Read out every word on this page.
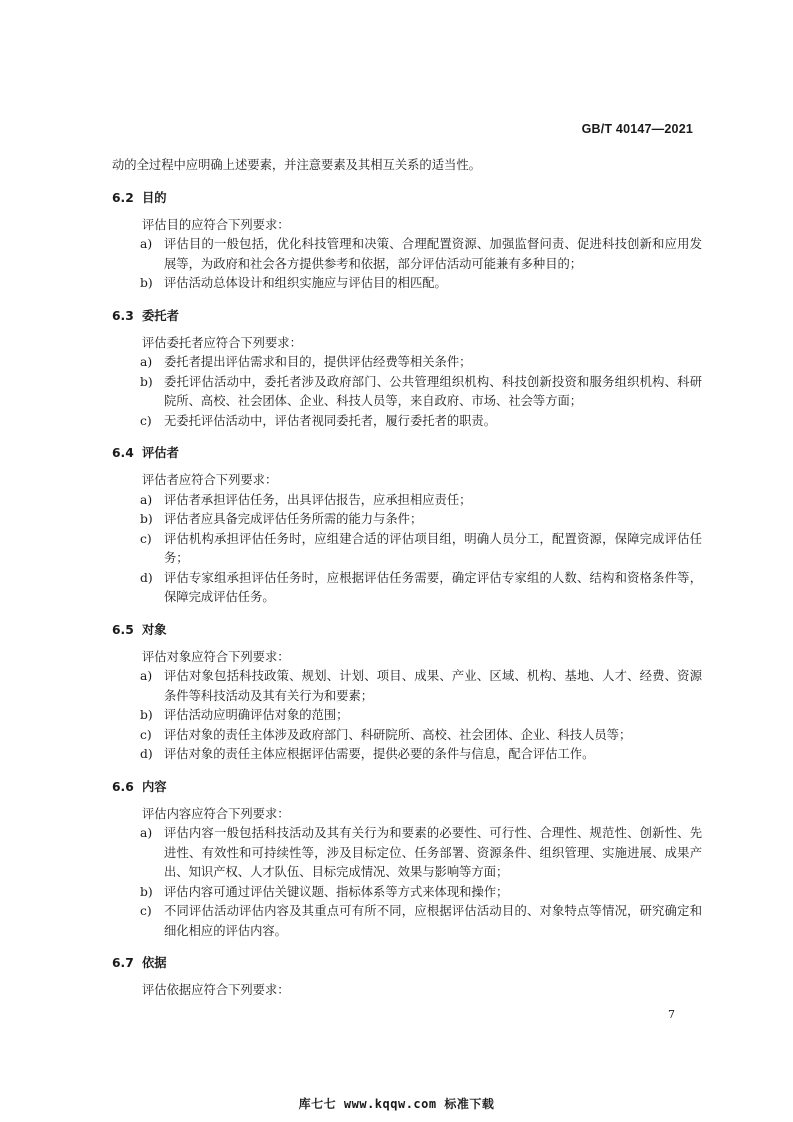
GB/T 40147—2021
动的全过程中应明确上述要素，并注意要素及其相互关系的适当性。
6.2 目的
评估目的应符合下列要求：
a) 评估目的一般包括，优化科技管理和决策、合理配置资源、加强监督问责、促进科技创新和应用发展等，为政府和社会各方提供参考和依据，部分评估活动可能兼有多种目的；
b) 评估活动总体设计和组织实施应与评估目的相匹配。
6.3 委托者
评估委托者应符合下列要求：
a) 委托者提出评估需求和目的，提供评估经费等相关条件；
b) 委托评估活动中，委托者涉及政府部门、公共管理组织机构、科技创新投资和服务组织机构、科研院所、高校、社会团体、企业、科技人员等，来自政府、市场、社会等方面；
c)	无委托评估活动中，评估者视同委托者，履行委托者的职责。
6.4 评估者
评估者应符合下列要求：
a) 评估者承担评估任务，出具评估报告，应承担相应责任；
b) 评估者应具备完成评估任务所需的能力与条件；
c)	评估机构承担评估任务时，应组建合适的评估项目组，明确人员分工，配置资源，保障完成评估任务；
d) 评估专家组承担评估任务时，应根据评估任务需要，确定评估专家组的人数、结构和资格条件等，保障完成评估任务。
6.5 对象
评估对象应符合下列要求：
a) 评估对象包括科技政策、规划、计划、项目、成果、产业、区域、机构、基地、人才、经费、资源条件等科技活动及其有关行为和要素；
b) 评估活动应明确评估对象的范围；
c)	评估对象的责任主体涉及政府部门、科研院所、高校、社会团体、企业、科技人员等；
d) 评估对象的责任主体应根据评估需要，提供必要的条件与信息，配合评估工作。
6.6 内容
评估内容应符合下列要求：
a) 评估内容一般包括科技活动及其有关行为和要素的必要性、可行性、合理性、规范性、创新性、先进性、有效性和可持续性等，涉及目标定位、任务部署、资源条件、组织管理、实施进展、成果产出、知识产权、人才队伍、目标完成情况、效果与影响等方面；
b) 评估内容可通过评估关键议题、指标体系等方式来体现和操作；
c)	不同评估活动评估内容及其重点可有所不同，应根据评估活动目的、对象特点等情况，研究确定和细化相应的评估内容。
6.7 依据
评估依据应符合下列要求：
7
库七七 www.kqqw.com 标准下载
